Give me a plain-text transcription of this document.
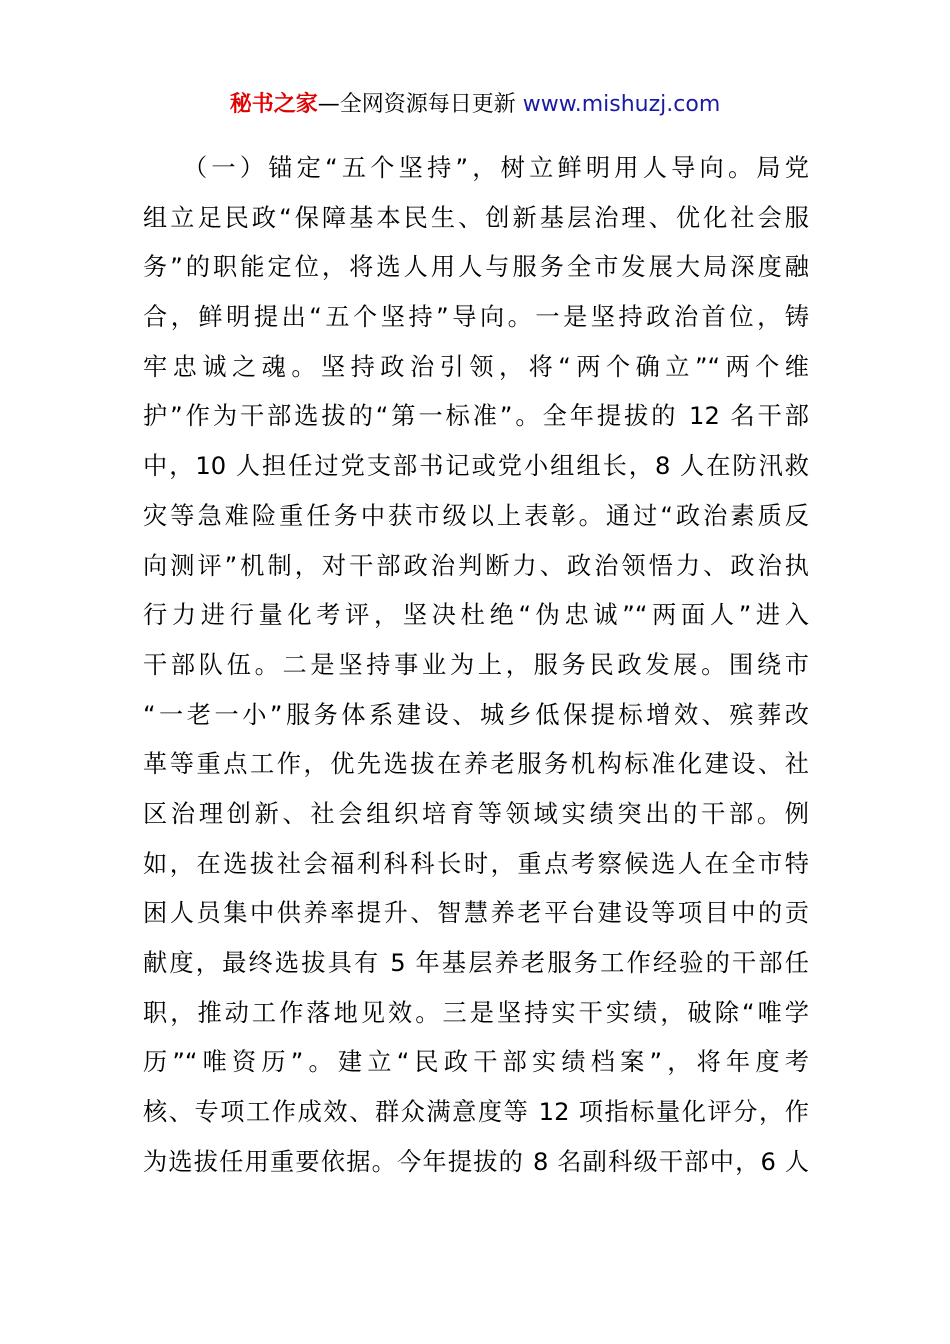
秘书之家—全网资源每日更新 www.mishuzj.com
（一）锚定“五个坚持”，树立鲜明用人导向。局党
组立足民政“保障基本民生、创新基层治理、优化社会服
务”的职能定位，将选人用人与服务全市发展大局深度融
合，鲜明提出“五个坚持”导向。一是坚持政治首位，铸
牢忠诚之魂。坚持政治引领，将“两个确立”“两个维
护”作为干部选拔的“第一标准”。全年提拔的 12 名干部
中，10 人担任过党支部书记或党小组组长，8 人在防汛救
灾等急难险重任务中获市级以上表彰。通过“政治素质反
向测评”机制，对干部政治判断力、政治领悟力、政治执
行力进行量化考评，坚决杜绝“伪忠诚”“两面人”进入
干部队伍。二是坚持事业为上，服务民政发展。围绕市
“一老一小”服务体系建设、城乡低保提标增效、殡葬改
革等重点工作，优先选拔在养老服务机构标准化建设、社
区治理创新、社会组织培育等领域实绩突出的干部。例
如，在选拔社会福利科科长时，重点考察候选人在全市特
困人员集中供养率提升、智慧养老平台建设等项目中的贡
献度，最终选拔具有 5 年基层养老服务工作经验的干部任
职，推动工作落地见效。三是坚持实干实绩，破除“唯学
历”“唯资历”。建立“民政干部实绩档案”，将年度考
核、专项工作成效、群众满意度等 12 项指标量化评分，作
为选拔任用重要依据。今年提拔的 8 名副科级干部中，6 人
